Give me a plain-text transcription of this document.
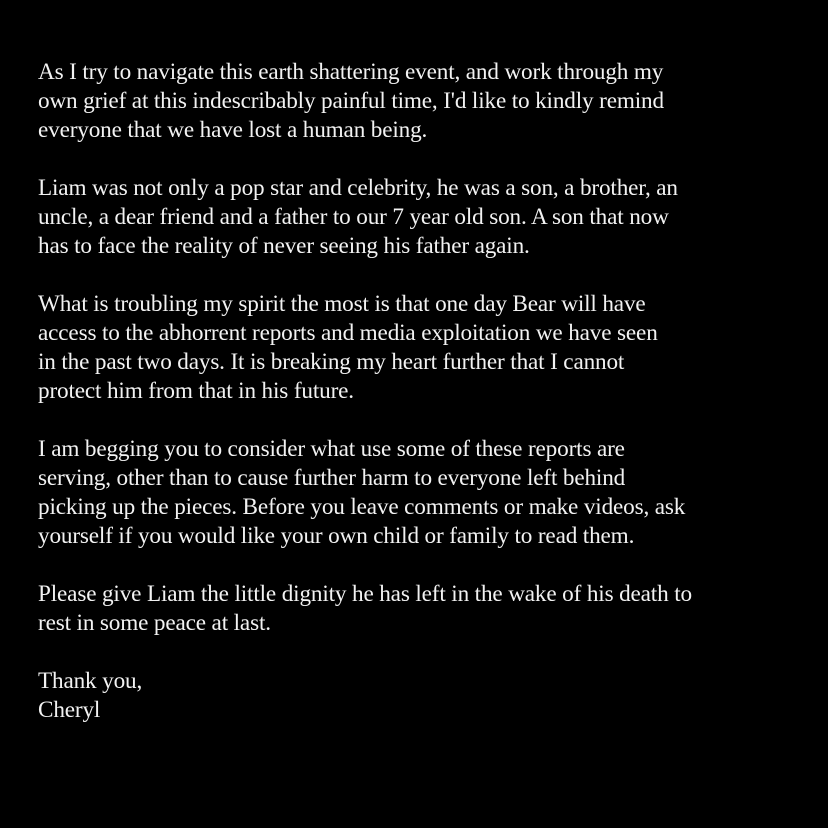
As I try to navigate this earth shattering event, and work through my
own grief at this indescribably painful time, I'd like to kindly remind
everyone that we have lost a human being.

Liam was not only a pop star and celebrity, he was a son, a brother, an
uncle, a dear friend and a father to our 7 year old son. A son that now
has to face the reality of never seeing his father again.

What is troubling my spirit the most is that one day Bear will have
access to the abhorrent reports and media exploitation we have seen
in the past two days. It is breaking my heart further that I cannot
protect him from that in his future.

I am begging you to consider what use some of these reports are
serving, other than to cause further harm to everyone left behind
picking up the pieces. Before you leave comments or make videos, ask
yourself if you would like your own child or family to read them.

Please give Liam the little dignity he has left in the wake of his death to
rest in some peace at last.

Thank you,
Cheryl
